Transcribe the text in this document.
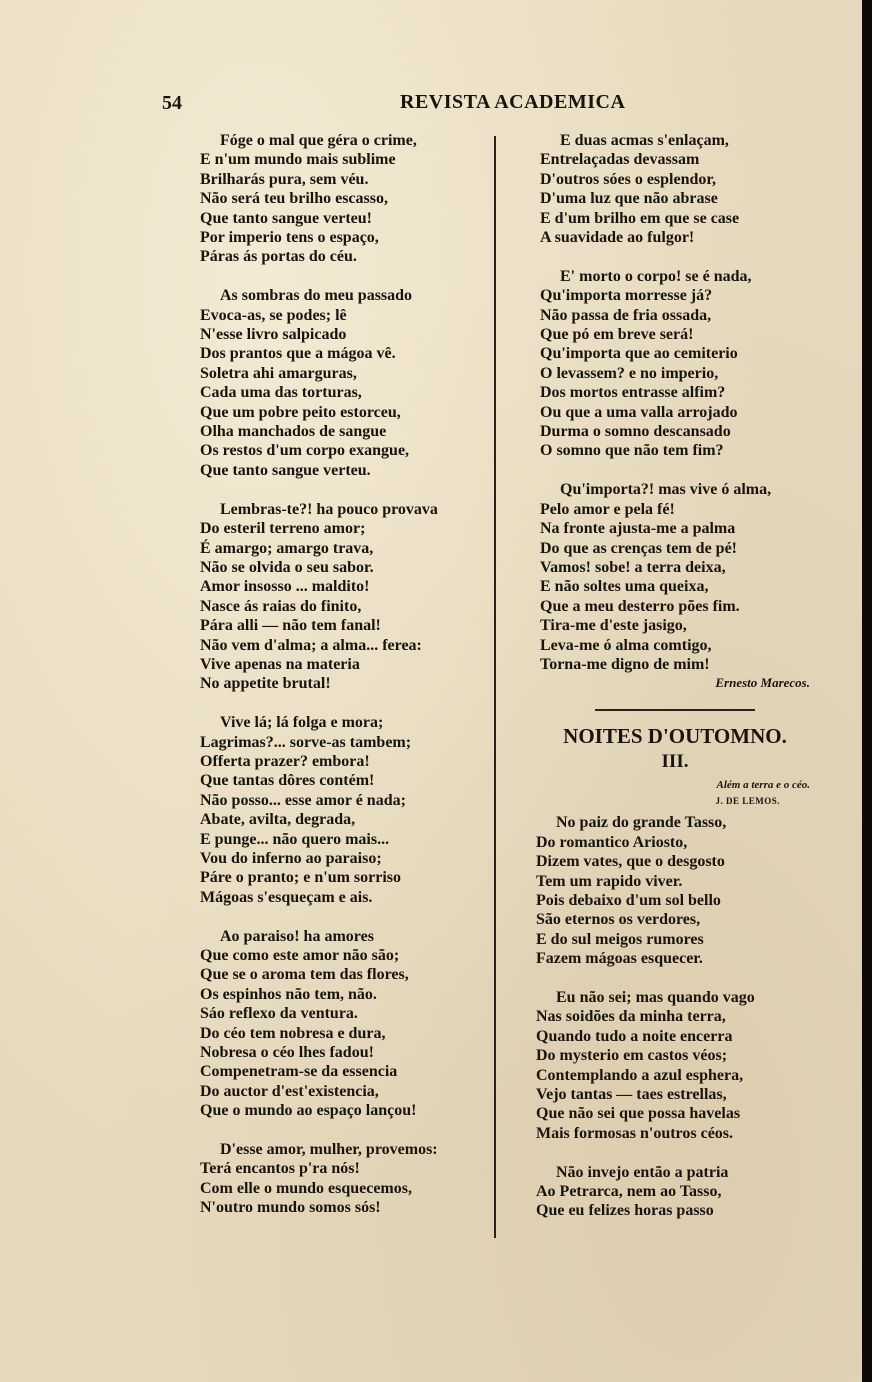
54	REVISTA ACADEMICA
Fóge o mal que géra o crime,
E n'um mundo mais sublime
Brilharás pura, sem véu.
Não será teu brilho escasso,
Que tanto sangue verteu!
Por imperio tens o espaço,
Páras ás portas do céu.
As sombras do meu passado
Evoca-as, se podes; lê
N'esse livro salpicado
Dos prantos que a mágoa vê.
Soletra ahi amarguras,
Cada uma das torturas,
Que um pobre peito estorceu,
Olha manchados de sangue
Os restos d'um corpo exangue,
Que tanto sangue verteu.
Lembras-te?! ha pouco provava
Do esteril terreno amor;
É amargo; amargo trava,
Não se olvida o seu sabor.
Amor insosso ... maldito!
Nasce ás raias do finito,
Pára alli — não tem fanal!
Não vem d'alma; a alma... ferea:
Vive apenas na materia
No appetite brutal!
Vive lá; lá folga e mora;
Lagrimas?... sorve-as tambem;
Offerta prazer? embora!
Que tantas dôres contém!
Não posso... esse amor é nada;
Abate, avilta, degrada,
E punge... não quero mais...
Vou do inferno ao paraiso;
Páre o pranto; e n'um sorriso
Mágoas s'esqueçam e ais.
Ao paraiso! ha amores
Que como este amor não são;
Que se o aroma tem das flores,
Os espinhos não tem, não.
Sáo reflexo da ventura.
Do céo tem nobresa e dura,
Nobresa o céo lhes fadou!
Compenetram-se da essencia
Do auctor d'est'existencia,
Que o mundo ao espaço lançou!
D'esse amor, mulher, provemos:
Terá encantos p'ra nós!
Com elle o mundo esquecemos,
N'outro mundo somos sós!
E duas acmas s'enlaçam,
Entrelaçadas devassam
D'outros sóes o esplendor,
D'uma luz que não abrase
E d'um brilho em que se case
A suavidade ao fulgor!
E' morto o corpo! se é nada,
Qu'importa morresse já?
Não passa de fria ossada,
Que pó em breve será!
Qu'importa que ao cemiterio
O levassem? e no imperio,
Dos mortos entrasse alfim?
Ou que a uma valla arrojado
Durma o somno descansado
O somno que não tem fim?
Qu'importa?! mas vive ó alma,
Pelo amor e pela fé!
Na fronte ajusta-me a palma
Do que as crenças tem de pé!
Vamos! sobe! a terra deixa,
E não soltes uma queixa,
Que a meu desterro pões fim.
Tira-me d'este jasigo,
Leva-me ó alma comtigo,
Torna-me digno de mim!
Ernesto Marecos.
NOITES D'OUTOMNO.
III.
Além a terra e o céo.
J. DE LEMOS.
No paiz do grande Tasso,
Do romantico Ariosto,
Dizem vates, que o desgosto
Tem um rapido viver.
Pois debaixo d'um sol bello
São eternos os verdores,
E do sul meigos rumores
Fazem mágoas esquecer.
Eu não sei; mas quando vago
Nas soidões da minha terra,
Quando tudo a noite encerra
Do mysterio em castos véos;
Contemplando a azul esphera,
Vejo tantas — taes estrellas,
Que não sei que possa havelas
Mais formosas n'outros céos.
Não invejo então a patria
Ao Petrarca, nem ao Tasso,
Que eu felizes horas passo
